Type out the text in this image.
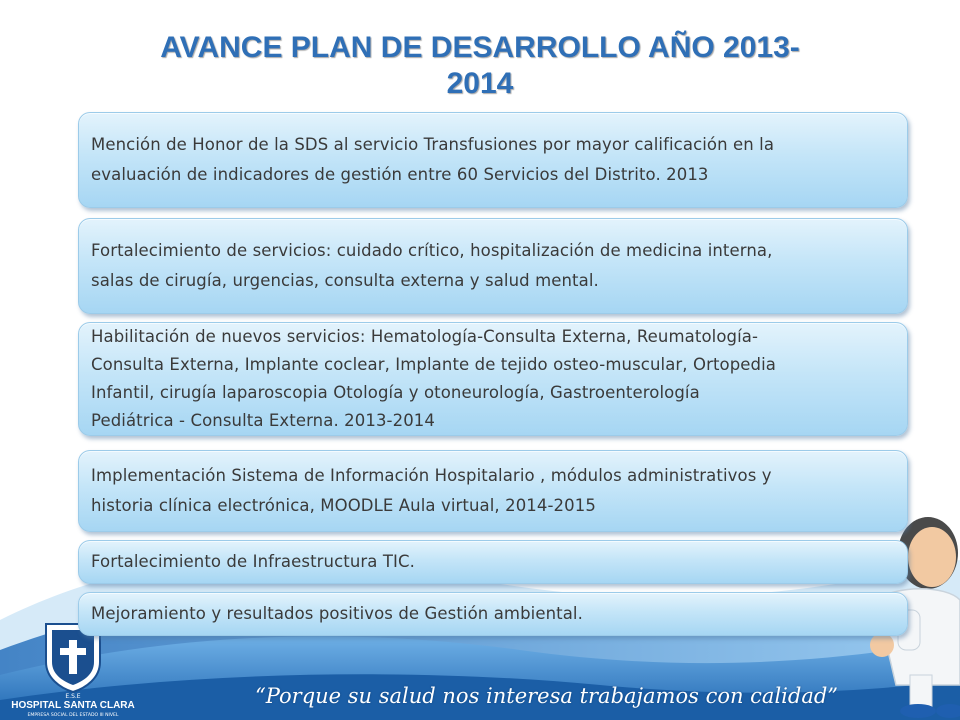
E.S.E
HOSPITAL SANTA CLARA
EMPRESA SOCIAL DEL ESTADO III NIVEL
AVANCE PLAN DE DESARROLLO AÑO 2013-
2014
Mención de Honor de la SDS al servicio Transfusiones por mayor calificación en la
evaluación de indicadores de gestión entre 60 Servicios del Distrito. 2013
Fortalecimiento de servicios: cuidado crítico, hospitalización de medicina interna,
salas de cirugía, urgencias, consulta externa y salud mental.
Habilitación de nuevos servicios: Hematología-Consulta Externa, Reumatología-
Consulta Externa, Implante coclear, Implante de tejido osteo-muscular, Ortopedia
Infantil, cirugía laparoscopia Otología y otoneurología, Gastroenterología
Pediátrica - Consulta Externa. 2013-2014
Implementación Sistema de Información Hospitalario , módulos administrativos y
historia clínica electrónica, MOODLE Aula virtual, 2014-2015
Fortalecimiento de Infraestructura TIC.
Mejoramiento y resultados positivos de Gestión ambiental.
“Porque su salud nos interesa trabajamos con calidad”
